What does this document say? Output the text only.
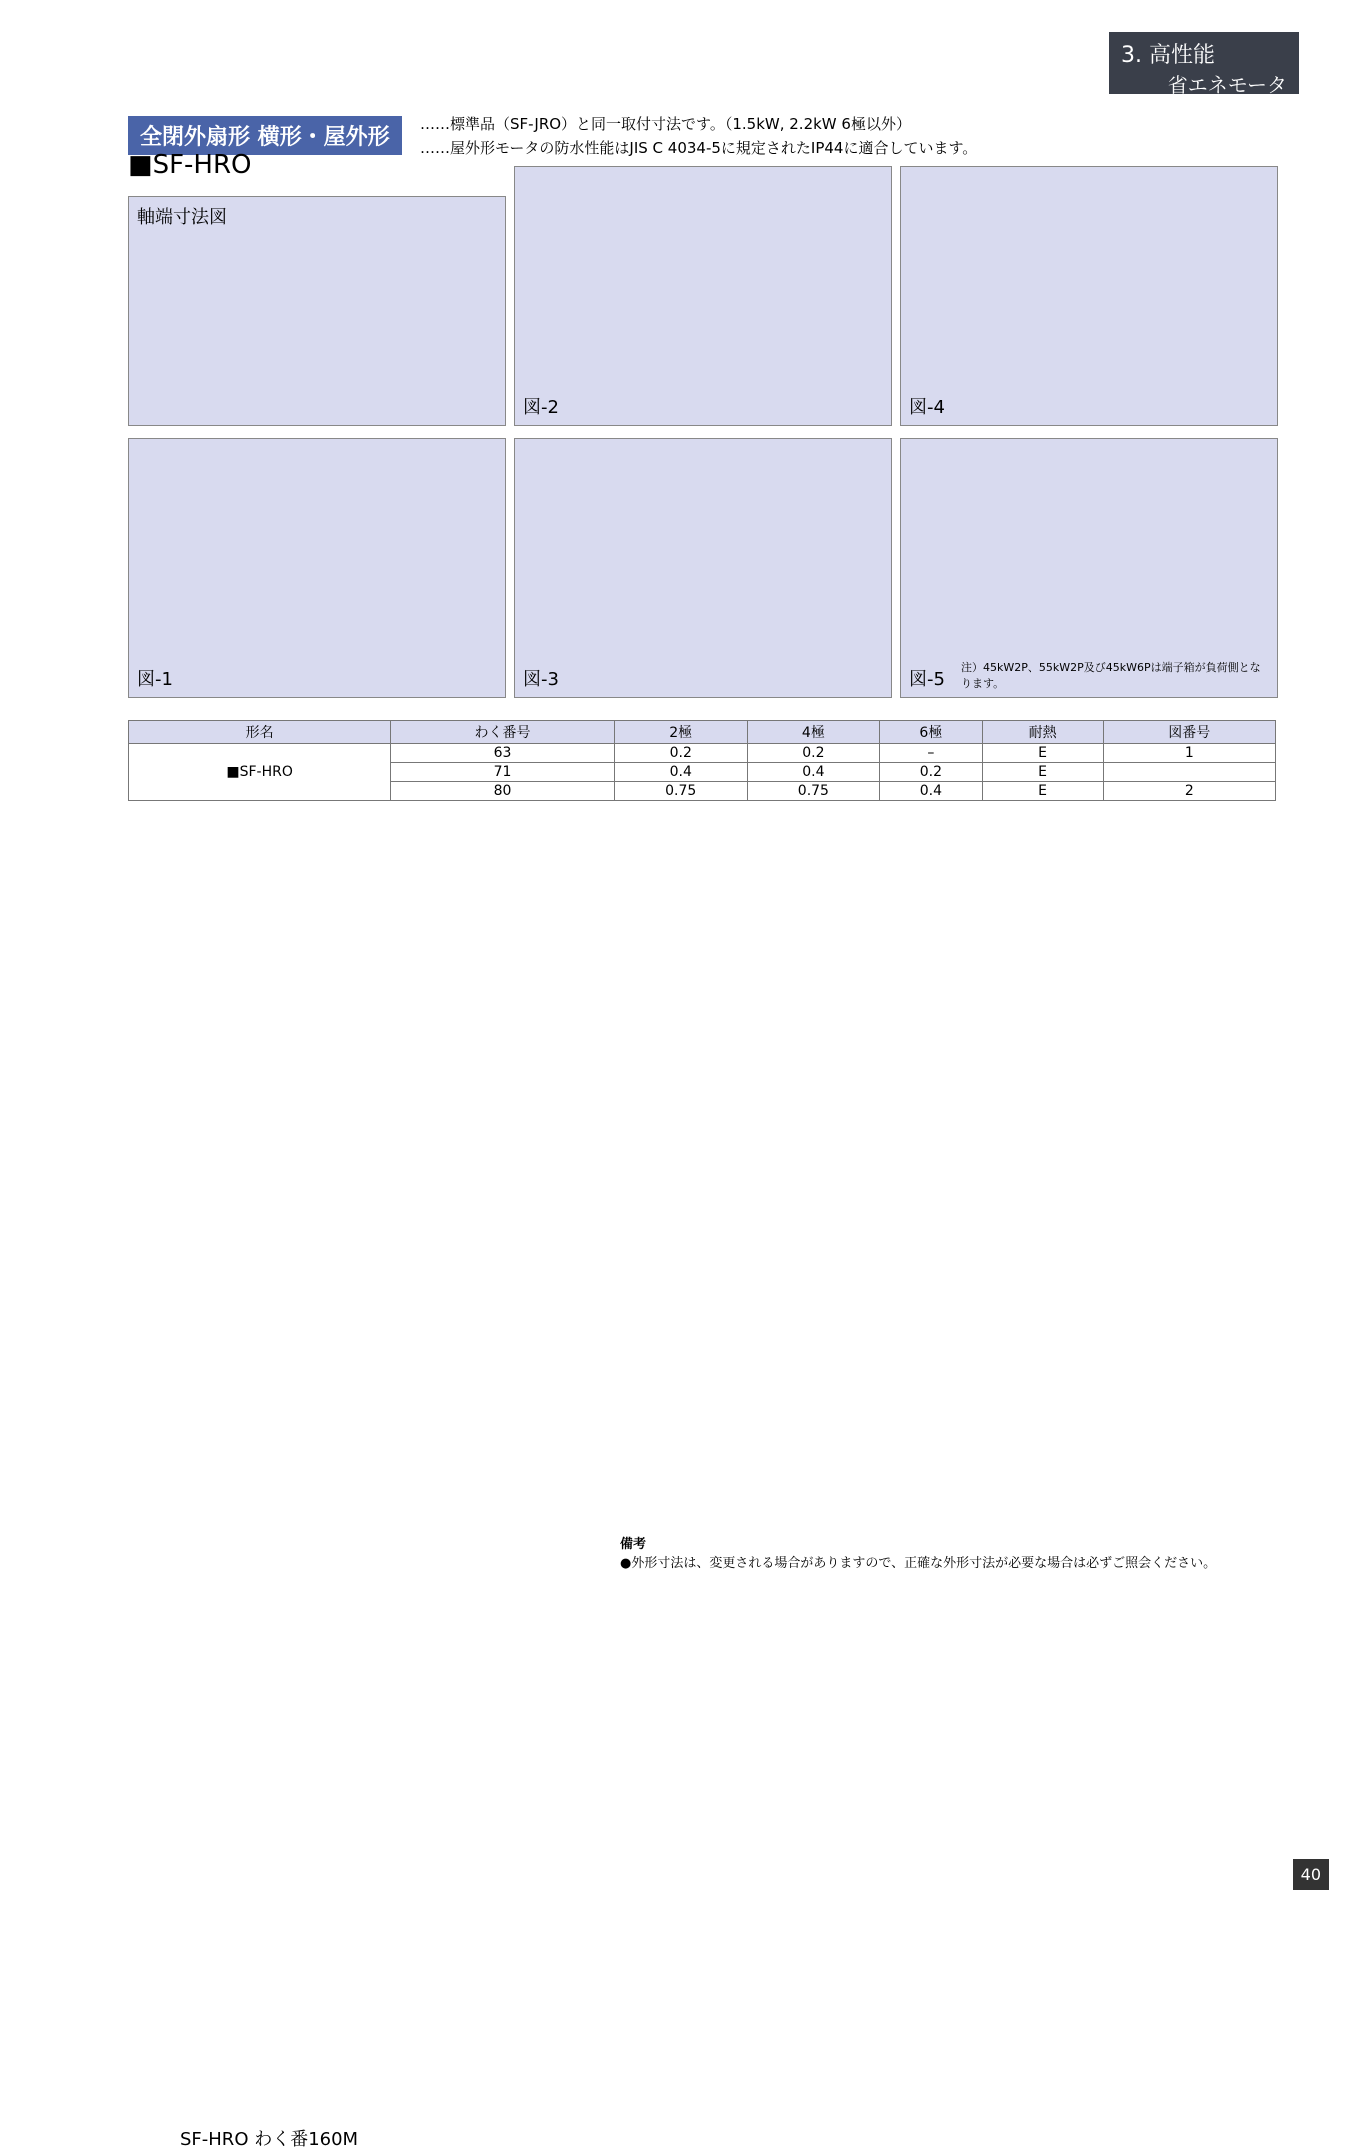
3. 高性能
省エネモータ
全閉外扇形 横形・屋外形
■SF-HRO
……標準品（SF-JRO）と同一取付寸法です。（1.5kW, 2.2kW 6極以外）
……屋外形モータの防水性能はJIS C 4034-5に規定されたIP44に適合しています。
軸端寸法図
図-2	図-4
図-1	図-3	図-5
注）45kW2P、55kW2P及び45kW6Pは端子箱が負荷側となります。
形名	わく番号	2極	4極	6極	耐熱	図番号
■SF-HRO	63	0.2	0.2	–	E	1
	71	0.4	0.4	0.2	E	
	80	0.75	0.75	0.4	E	2
備考
●外形寸法は、変更される場合がありますので、正確な外形寸法が必要な場合は必ずご照会ください。
SF-HRO わく番160M
40
